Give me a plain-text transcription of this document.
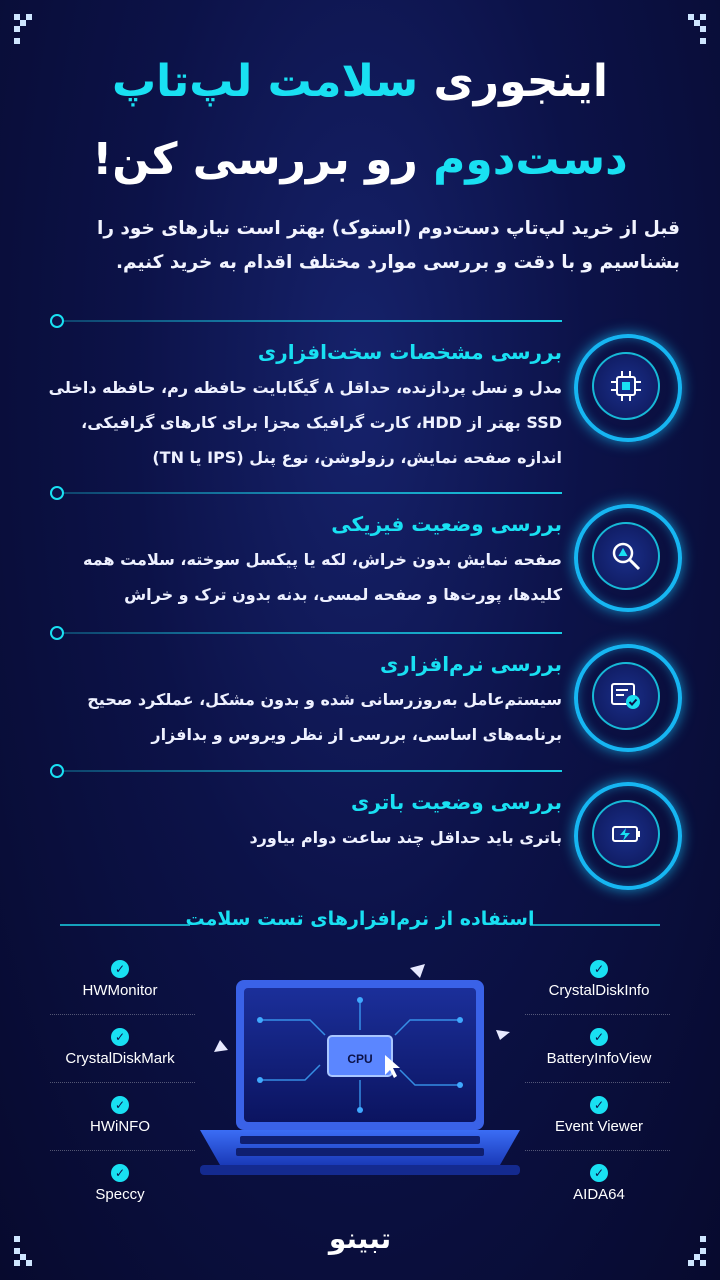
اینجوری سلامت لپ‌تاپ
دست‌دوم رو بررسی کن!
قبل از خرید لپ‌تاپ دست‌دوم (استوک) بهتر است نیازهای خود را بشناسیم و با دقت و بررسی موارد مختلف اقدام به خرید کنیم.
بررسی مشخصات سخت‌افزاری
مدل و نسل پردازنده، حداقل ۸ گیگابایت حافظه رم، حافظه داخلی SSD بهتر از HDD، کارت گرافیک مجزا برای کارهای گرافیکی، اندازه صفحه نمایش، رزولوشن، نوع پنل (IPS یا TN)
بررسی وضعیت فیزیکی
صفحه نمایش بدون خراش، لکه یا پیکسل سوخته، سلامت همه کلیدها، پورت‌ها و صفحه لمسی، بدنه بدون ترک و خراش
بررسی نرم‌افزاری
سیستم‌عامل به‌روزرسانی شده و بدون مشکل، عملکرد صحیح برنامه‌های اساسی، بررسی از نظر ویروس و بدافزار
بررسی وضعیت باتری
باتری باید حداقل چند ساعت دوام بیاورد
استفاده از نرم‌افزارهای تست سلامت
✓
HWMonitor
✓
CrystalDiskMark
✓
HWiNFO
✓
Speccy
✓
CrystalDiskInfo
✓
BatteryInfoView
✓
Event Viewer
✓
AIDA64
CPU
تبینو
